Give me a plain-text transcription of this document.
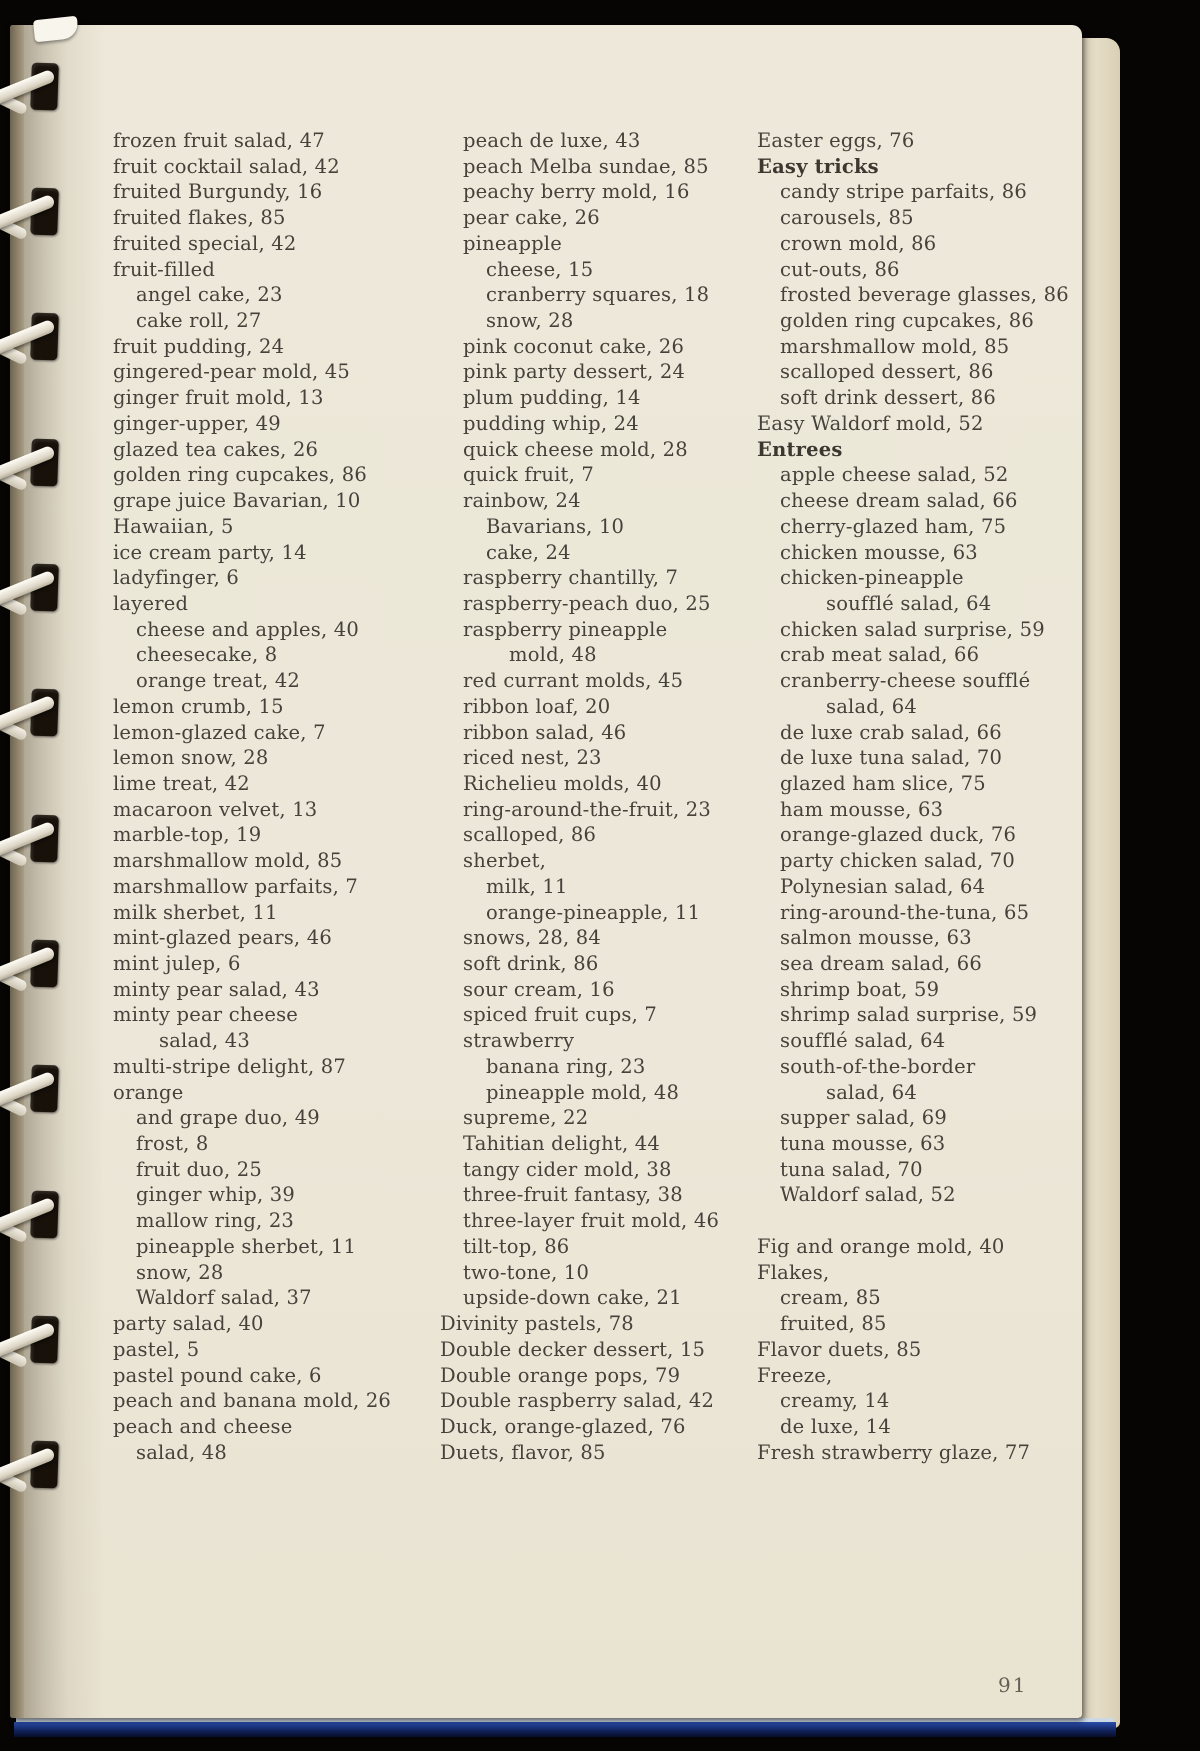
frozen fruit salad, 47
fruit cocktail salad, 42
fruited Burgundy, 16
fruited flakes, 85
fruited special, 42
fruit-filled
angel cake, 23
cake roll, 27
fruit pudding, 24
gingered-pear mold, 45
ginger fruit mold, 13
ginger-upper, 49
glazed tea cakes, 26
golden ring cupcakes, 86
grape juice Bavarian, 10
Hawaiian, 5
ice cream party, 14
ladyfinger, 6
layered
cheese and apples, 40
cheesecake, 8
orange treat, 42
lemon crumb, 15
lemon-glazed cake, 7
lemon snow, 28
lime treat, 42
macaroon velvet, 13
marble-top, 19
marshmallow mold, 85
marshmallow parfaits, 7
milk sherbet, 11
mint-glazed pears, 46
mint julep, 6
minty pear salad, 43
minty pear cheese
salad, 43
multi-stripe delight, 87
orange
and grape duo, 49
frost, 8
fruit duo, 25
ginger whip, 39
mallow ring, 23
pineapple sherbet, 11
snow, 28
Waldorf salad, 37
party salad, 40
pastel, 5
pastel pound cake, 6
peach and banana mold, 26
peach and cheese
salad, 48
peach de luxe, 43
peach Melba sundae, 85
peachy berry mold, 16
pear cake, 26
pineapple
cheese, 15
cranberry squares, 18
snow, 28
pink coconut cake, 26
pink party dessert, 24
plum pudding, 14
pudding whip, 24
quick cheese mold, 28
quick fruit, 7
rainbow, 24
Bavarians, 10
cake, 24
raspberry chantilly, 7
raspberry-peach duo, 25
raspberry pineapple
mold, 48
red currant molds, 45
ribbon loaf, 20
ribbon salad, 46
riced nest, 23
Richelieu molds, 40
ring-around-the-fruit, 23
scalloped, 86
sherbet,
milk, 11
orange-pineapple, 11
snows, 28, 84
soft drink, 86
sour cream, 16
spiced fruit cups, 7
strawberry
banana ring, 23
pineapple mold, 48
supreme, 22
Tahitian delight, 44
tangy cider mold, 38
three-fruit fantasy, 38
three-layer fruit mold, 46
tilt-top, 86
two-tone, 10
upside-down cake, 21
Divinity pastels, 78
Double decker dessert, 15
Double orange pops, 79
Double raspberry salad, 42
Duck, orange-glazed, 76
Duets, flavor, 85
Easter eggs, 76
Easy tricks
candy stripe parfaits, 86
carousels, 85
crown mold, 86
cut-outs, 86
frosted beverage glasses, 86
golden ring cupcakes, 86
marshmallow mold, 85
scalloped dessert, 86
soft drink dessert, 86
Easy Waldorf mold, 52
Entrees
apple cheese salad, 52
cheese dream salad, 66
cherry-glazed ham, 75
chicken mousse, 63
chicken-pineapple
soufflé salad, 64
chicken salad surprise, 59
crab meat salad, 66
cranberry-cheese soufflé
salad, 64
de luxe crab salad, 66
de luxe tuna salad, 70
glazed ham slice, 75
ham mousse, 63
orange-glazed duck, 76
party chicken salad, 70
Polynesian salad, 64
ring-around-the-tuna, 65
salmon mousse, 63
sea dream salad, 66
shrimp boat, 59
shrimp salad surprise, 59
soufflé salad, 64
south-of-the-border
salad, 64
supper salad, 69
tuna mousse, 63
tuna salad, 70
Waldorf salad, 52
Fig and orange mold, 40
Flakes,
cream, 85
fruited, 85
Flavor duets, 85
Freeze,
creamy, 14
de luxe, 14
Fresh strawberry glaze, 77
91
